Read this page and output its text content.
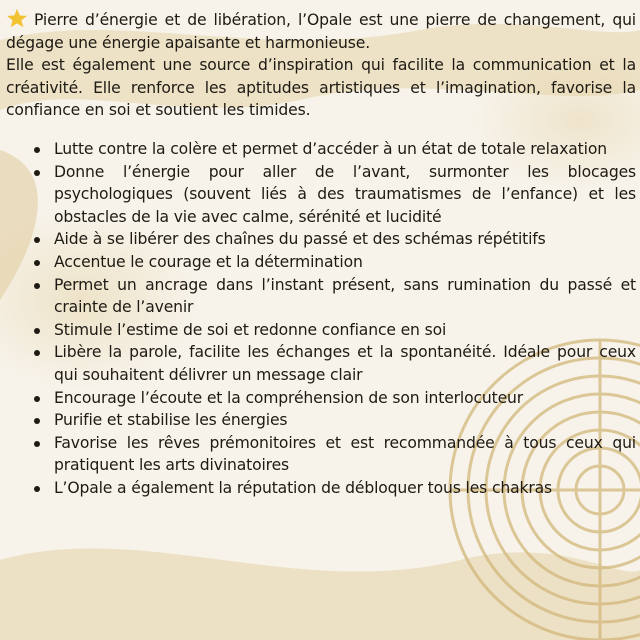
Pierre d’énergie et de libération, l’Opale est une pierre de changement, qui dégage une énergie apaisante et harmonieuse.

Elle est également une source d’inspiration qui facilite la communication et la créativité. Elle renforce les aptitudes artistiques et l’imagination, favorise la confiance en soi et soutient les timides.

Lutte contre la colère et permet d’accéder à un état de totale relaxation
Donne l’énergie pour aller de l’avant, surmonter les blocages psychologiques (souvent liés à des traumatismes de l’enfance) et les obstacles de la vie avec calme, sérénité et lucidité
Aide à se libérer des chaînes du passé et des schémas répétitifs
Accentue le courage et la détermination
Permet un ancrage dans l’instant présent, sans rumination du passé et crainte de l’avenir
Stimule l’estime de soi et redonne confiance en soi
Libère la parole, facilite les échanges et la spontanéité. Idéale pour ceux qui souhaitent délivrer un message clair
Encourage l’écoute et la compréhension de son interlocuteur
Purifie et stabilise les énergies
Favorise les rêves prémonitoires et est recommandée à tous ceux qui pratiquent les arts divinatoires
L’Opale a également la réputation de débloquer tous les chakras
